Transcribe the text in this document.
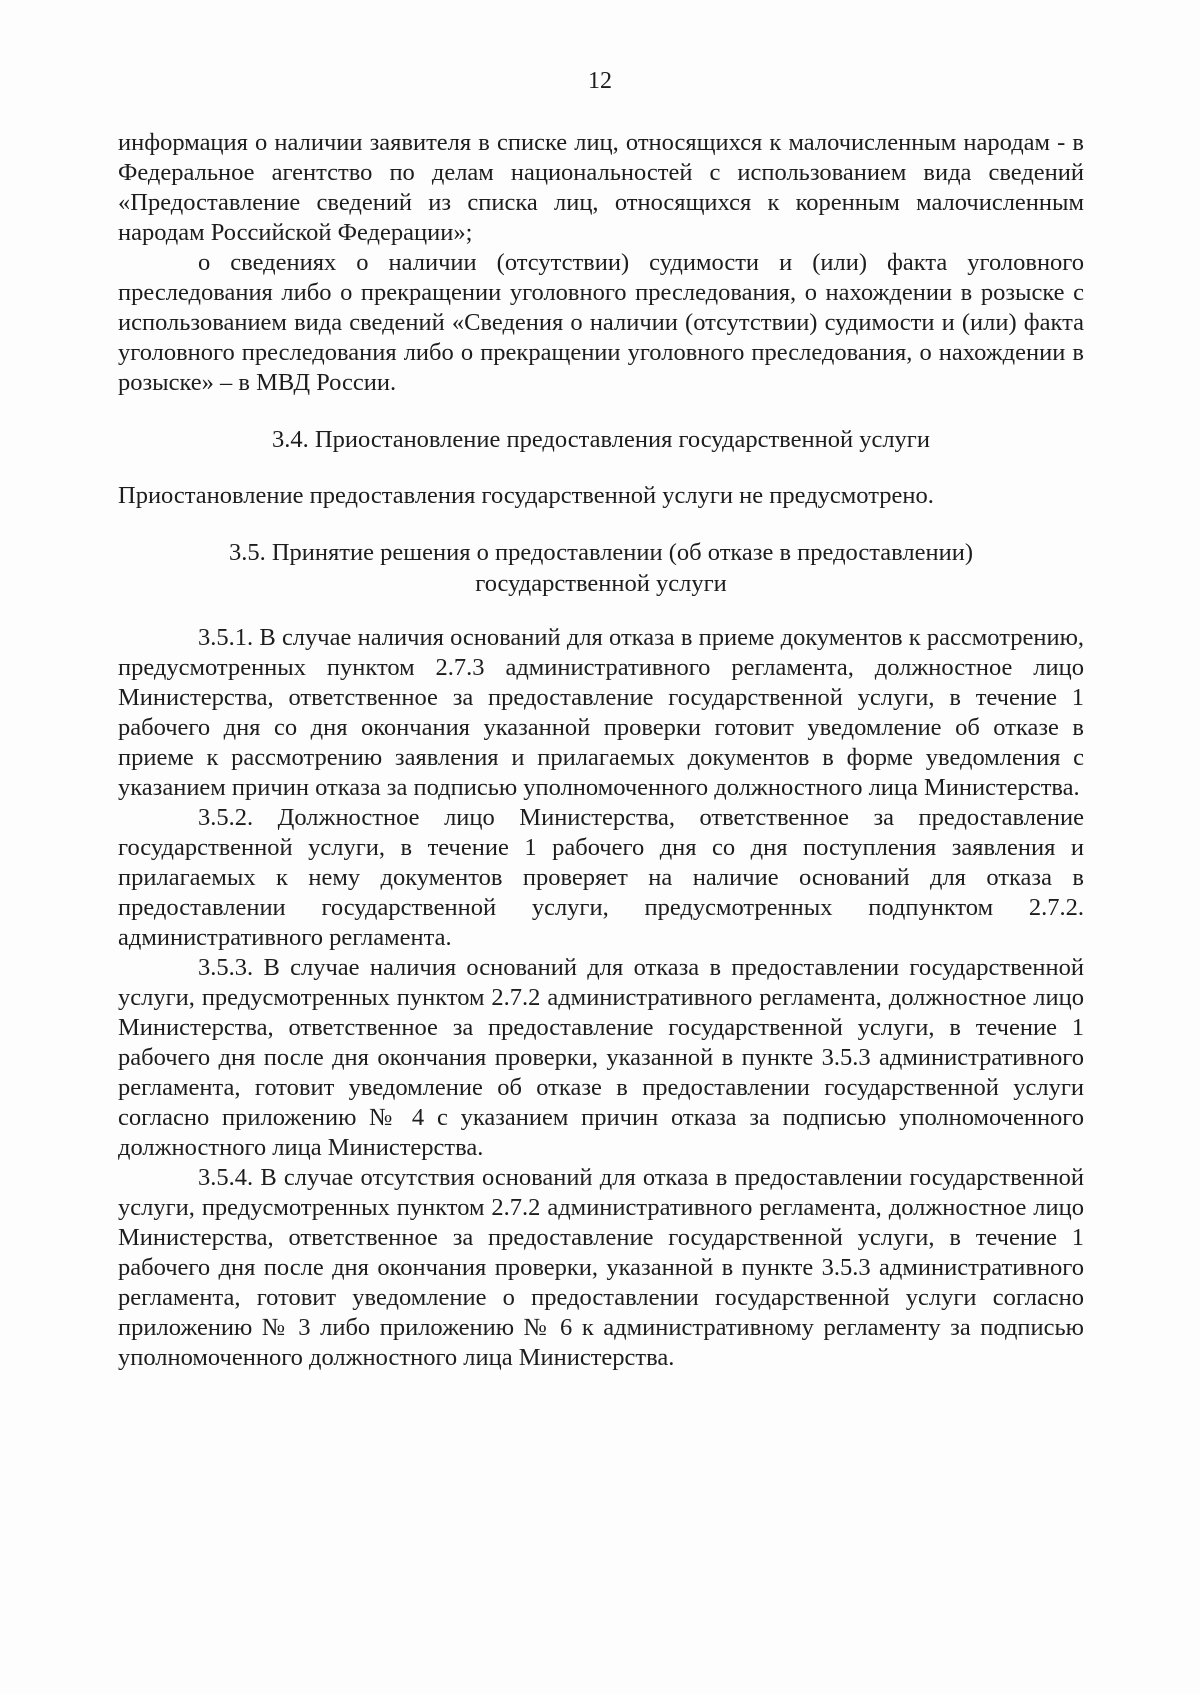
12

информация о наличии заявителя в списке лиц, относящихся к малочисленным народам - в Федеральное агентство по делам национальностей с использованием вида сведений «Предоставление сведений из списка лиц, относящихся к коренным малочисленным народам Российской Федерации»;

о сведениях о наличии (отсутствии) судимости и (или) факта уголовного преследования либо о прекращении уголовного преследования, о нахождении в розыске с использованием вида сведений «Сведения о наличии (отсутствии) судимости и (или) факта уголовного преследования либо о прекращении уголовного преследования, о нахождении в розыске» – в МВД России.

3.4. Приостановление предоставления государственной услуги

Приостановление предоставления государственной услуги не предусмотрено.

3.5. Принятие решения о предоставлении (об отказе в предоставлении)

государственной услуги

3.5.1. В случае наличия оснований для отказа в приеме документов к рассмотрению, предусмотренных пунктом 2.7.3 административного регламента, должностное лицо Министерства, ответственное за предоставление государственной услуги, в течение 1 рабочего дня со дня окончания указанной проверки готовит уведомление об отказе в приеме к рассмотрению заявления и прилагаемых документов в форме уведомления с указанием причин отказа за подписью уполномоченного должностного лица Министерства.

3.5.2. Должностное лицо Министерства, ответственное за предоставление государственной услуги, в течение 1 рабочего дня со дня поступления заявления и прилагаемых к нему документов проверяет на наличие оснований для отказа в предоставлении государственной услуги, предусмотренных подпунктом 2.7.2. административного регламента.

3.5.3. В случае наличия оснований для отказа в предоставлении государственной услуги, предусмотренных пунктом 2.7.2 административного регламента, должностное лицо Министерства, ответственное за предоставление государственной услуги, в течение 1 рабочего дня после дня окончания проверки, указанной в пункте 3.5.3 административного регламента, готовит уведомление об отказе в предоставлении государственной услуги согласно приложению № 4 с указанием причин отказа за подписью уполномоченного должностного лица Министерства.

3.5.4. В случае отсутствия оснований для отказа в предоставлении государственной услуги, предусмотренных пунктом 2.7.2 административного регламента, должностное лицо Министерства, ответственное за предоставление государственной услуги, в течение 1 рабочего дня после дня окончания проверки, указанной в пункте 3.5.3 административного регламента, готовит уведомление о предоставлении государственной услуги согласно приложению № 3 либо приложению № 6 к административному регламенту за подписью уполномоченного должностного лица Министерства.
